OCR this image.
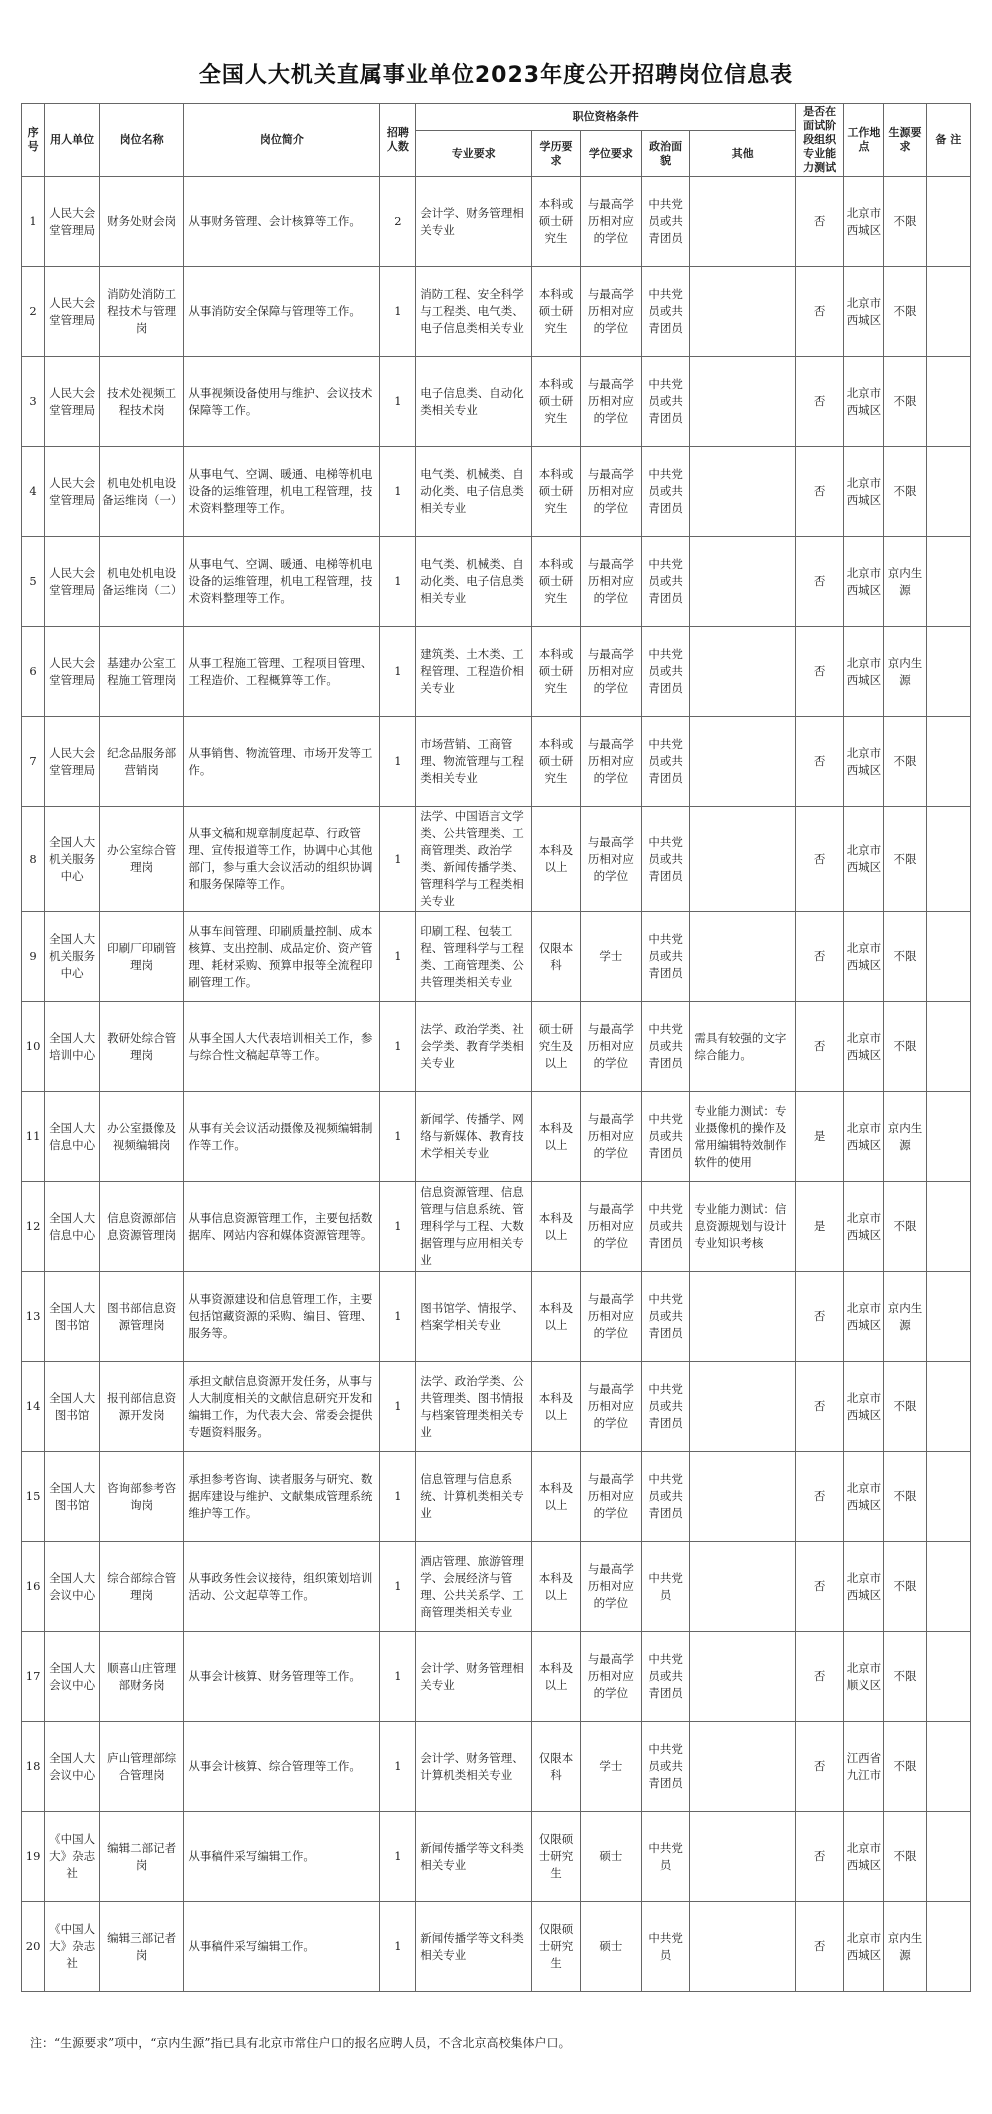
全国人大机关直属事业单位2023年度公开招聘岗位信息表
序号	用人单位	岗位名称	岗位简介	招聘人数	职位资格条件					是否在面试阶段组织专业能力测试	工作地点	生源要求	备 注
					专业要求	学历要求	学位要求	政治面貌	其他				
1	人民大会堂管理局	财务处财会岗	从事财务管理、会计核算等工作。	2	会计学、财务管理相关专业	本科或硕士研究生	与最高学历相对应的学位	中共党员或共青团员		否	北京市西城区	不限	
2	人民大会堂管理局	消防处消防工程技术与管理岗	从事消防安全保障与管理等工作。	1	消防工程、安全科学与工程类、电气类、电子信息类相关专业	本科或硕士研究生	与最高学历相对应的学位	中共党员或共青团员		否	北京市西城区	不限	
3	人民大会堂管理局	技术处视频工程技术岗	从事视频设备使用与维护、会议技术保障等工作。	1	电子信息类、自动化类相关专业	本科或硕士研究生	与最高学历相对应的学位	中共党员或共青团员		否	北京市西城区	不限	
4	人民大会堂管理局	机电处机电设备运维岗（一）	从事电气、空调、暖通、电梯等机电设备的运维管理，机电工程管理，技术资料整理等工作。	1	电气类、机械类、自动化类、电子信息类相关专业	本科或硕士研究生	与最高学历相对应的学位	中共党员或共青团员		否	北京市西城区	不限	
5	人民大会堂管理局	机电处机电设备运维岗（二）	从事电气、空调、暖通、电梯等机电设备的运维管理，机电工程管理，技术资料整理等工作。	1	电气类、机械类、自动化类、电子信息类相关专业	本科或硕士研究生	与最高学历相对应的学位	中共党员或共青团员		否	北京市西城区	京内生源	
6	人民大会堂管理局	基建办公室工程施工管理岗	从事工程施工管理、工程项目管理、工程造价、工程概算等工作。	1	建筑类、土木类、工程管理、工程造价相关专业	本科或硕士研究生	与最高学历相对应的学位	中共党员或共青团员		否	北京市西城区	京内生源	
7	人民大会堂管理局	纪念品服务部营销岗	从事销售、物流管理、市场开发等工作。	1	市场营销、工商管理、物流管理与工程类相关专业	本科或硕士研究生	与最高学历相对应的学位	中共党员或共青团员		否	北京市西城区	不限	
8	全国人大机关服务中心	办公室综合管理岗	从事文稿和规章制度起草、行政管理、宣传报道等工作，协调中心其他部门，参与重大会议活动的组织协调和服务保障等工作。	1	法学、中国语言文学类、公共管理类、工商管理类、政治学类、新闻传播学类、管理科学与工程类相关专业	本科及以上	与最高学历相对应的学位	中共党员或共青团员		否	北京市西城区	不限	
9	全国人大机关服务中心	印刷厂印刷管理岗	从事车间管理、印刷质量控制、成本核算、支出控制、成品定价、资产管理、耗材采购、预算申报等全流程印刷管理工作。	1	印刷工程、包装工程、管理科学与工程类、工商管理类、公共管理类相关专业	仅限本科	学士	中共党员或共青团员		否	北京市西城区	不限	
10	全国人大培训中心	教研处综合管理岗	从事全国人大代表培训相关工作，参与综合性文稿起草等工作。	1	法学、政治学类、社会学类、教育学类相关专业	硕士研究生及以上	与最高学历相对应的学位	中共党员或共青团员	需具有较强的文字综合能力。	否	北京市西城区	不限	
11	全国人大信息中心	办公室摄像及视频编辑岗	从事有关会议活动摄像及视频编辑制作等工作。	1	新闻学、传播学、网络与新媒体、教育技术学相关专业	本科及以上	与最高学历相对应的学位	中共党员或共青团员	专业能力测试：专业摄像机的操作及常用编辑特效制作软件的使用	是	北京市西城区	京内生源	
12	全国人大信息中心	信息资源部信息资源管理岗	从事信息资源管理工作，主要包括数据库、网站内容和媒体资源管理等。	1	信息资源管理、信息管理与信息系统、管理科学与工程、大数据管理与应用相关专业	本科及以上	与最高学历相对应的学位	中共党员或共青团员	专业能力测试：信息资源规划与设计专业知识考核	是	北京市西城区	不限	
13	全国人大图书馆	图书部信息资源管理岗	从事资源建设和信息管理工作，主要包括馆藏资源的采购、编目、管理、服务等。	1	图书馆学、情报学、档案学相关专业	本科及以上	与最高学历相对应的学位	中共党员或共青团员		否	北京市西城区	京内生源	
14	全国人大图书馆	报刊部信息资源开发岗	承担文献信息资源开发任务，从事与人大制度相关的文献信息研究开发和编辑工作，为代表大会、常委会提供专题资料服务。	1	法学、政治学类、公共管理类、图书情报与档案管理类相关专业	本科及以上	与最高学历相对应的学位	中共党员或共青团员		否	北京市西城区	不限	
15	全国人大图书馆	咨询部参考咨询岗	承担参考咨询、读者服务与研究、数据库建设与维护、文献集成管理系统维护等工作。	1	信息管理与信息系统、计算机类相关专业	本科及以上	与最高学历相对应的学位	中共党员或共青团员		否	北京市西城区	不限	
16	全国人大会议中心	综合部综合管理岗	从事政务性会议接待，组织策划培训活动、公文起草等工作。	1	酒店管理、旅游管理学、会展经济与管理、公共关系学、工商管理类相关专业	本科及以上	与最高学历相对应的学位	中共党员		否	北京市西城区	不限	
17	全国人大会议中心	顺喜山庄管理部财务岗	从事会计核算、财务管理等工作。	1	会计学、财务管理相关专业	本科及以上	与最高学历相对应的学位	中共党员或共青团员		否	北京市顺义区	不限	
18	全国人大会议中心	庐山管理部综合管理岗	从事会计核算、综合管理等工作。	1	会计学、财务管理、计算机类相关专业	仅限本科	学士	中共党员或共青团员		否	江西省九江市	不限	
19	《中国人大》杂志社	编辑二部记者岗	从事稿件采写编辑工作。	1	新闻传播学等文科类相关专业	仅限硕士研究生	硕士	中共党员		否	北京市西城区	不限	
20	《中国人大》杂志社	编辑三部记者岗	从事稿件采写编辑工作。	1	新闻传播学等文科类相关专业	仅限硕士研究生	硕士	中共党员		否	北京市西城区	京内生源	
注：“生源要求”项中，“京内生源”指已具有北京市常住户口的报名应聘人员，不含北京高校集体户口。
